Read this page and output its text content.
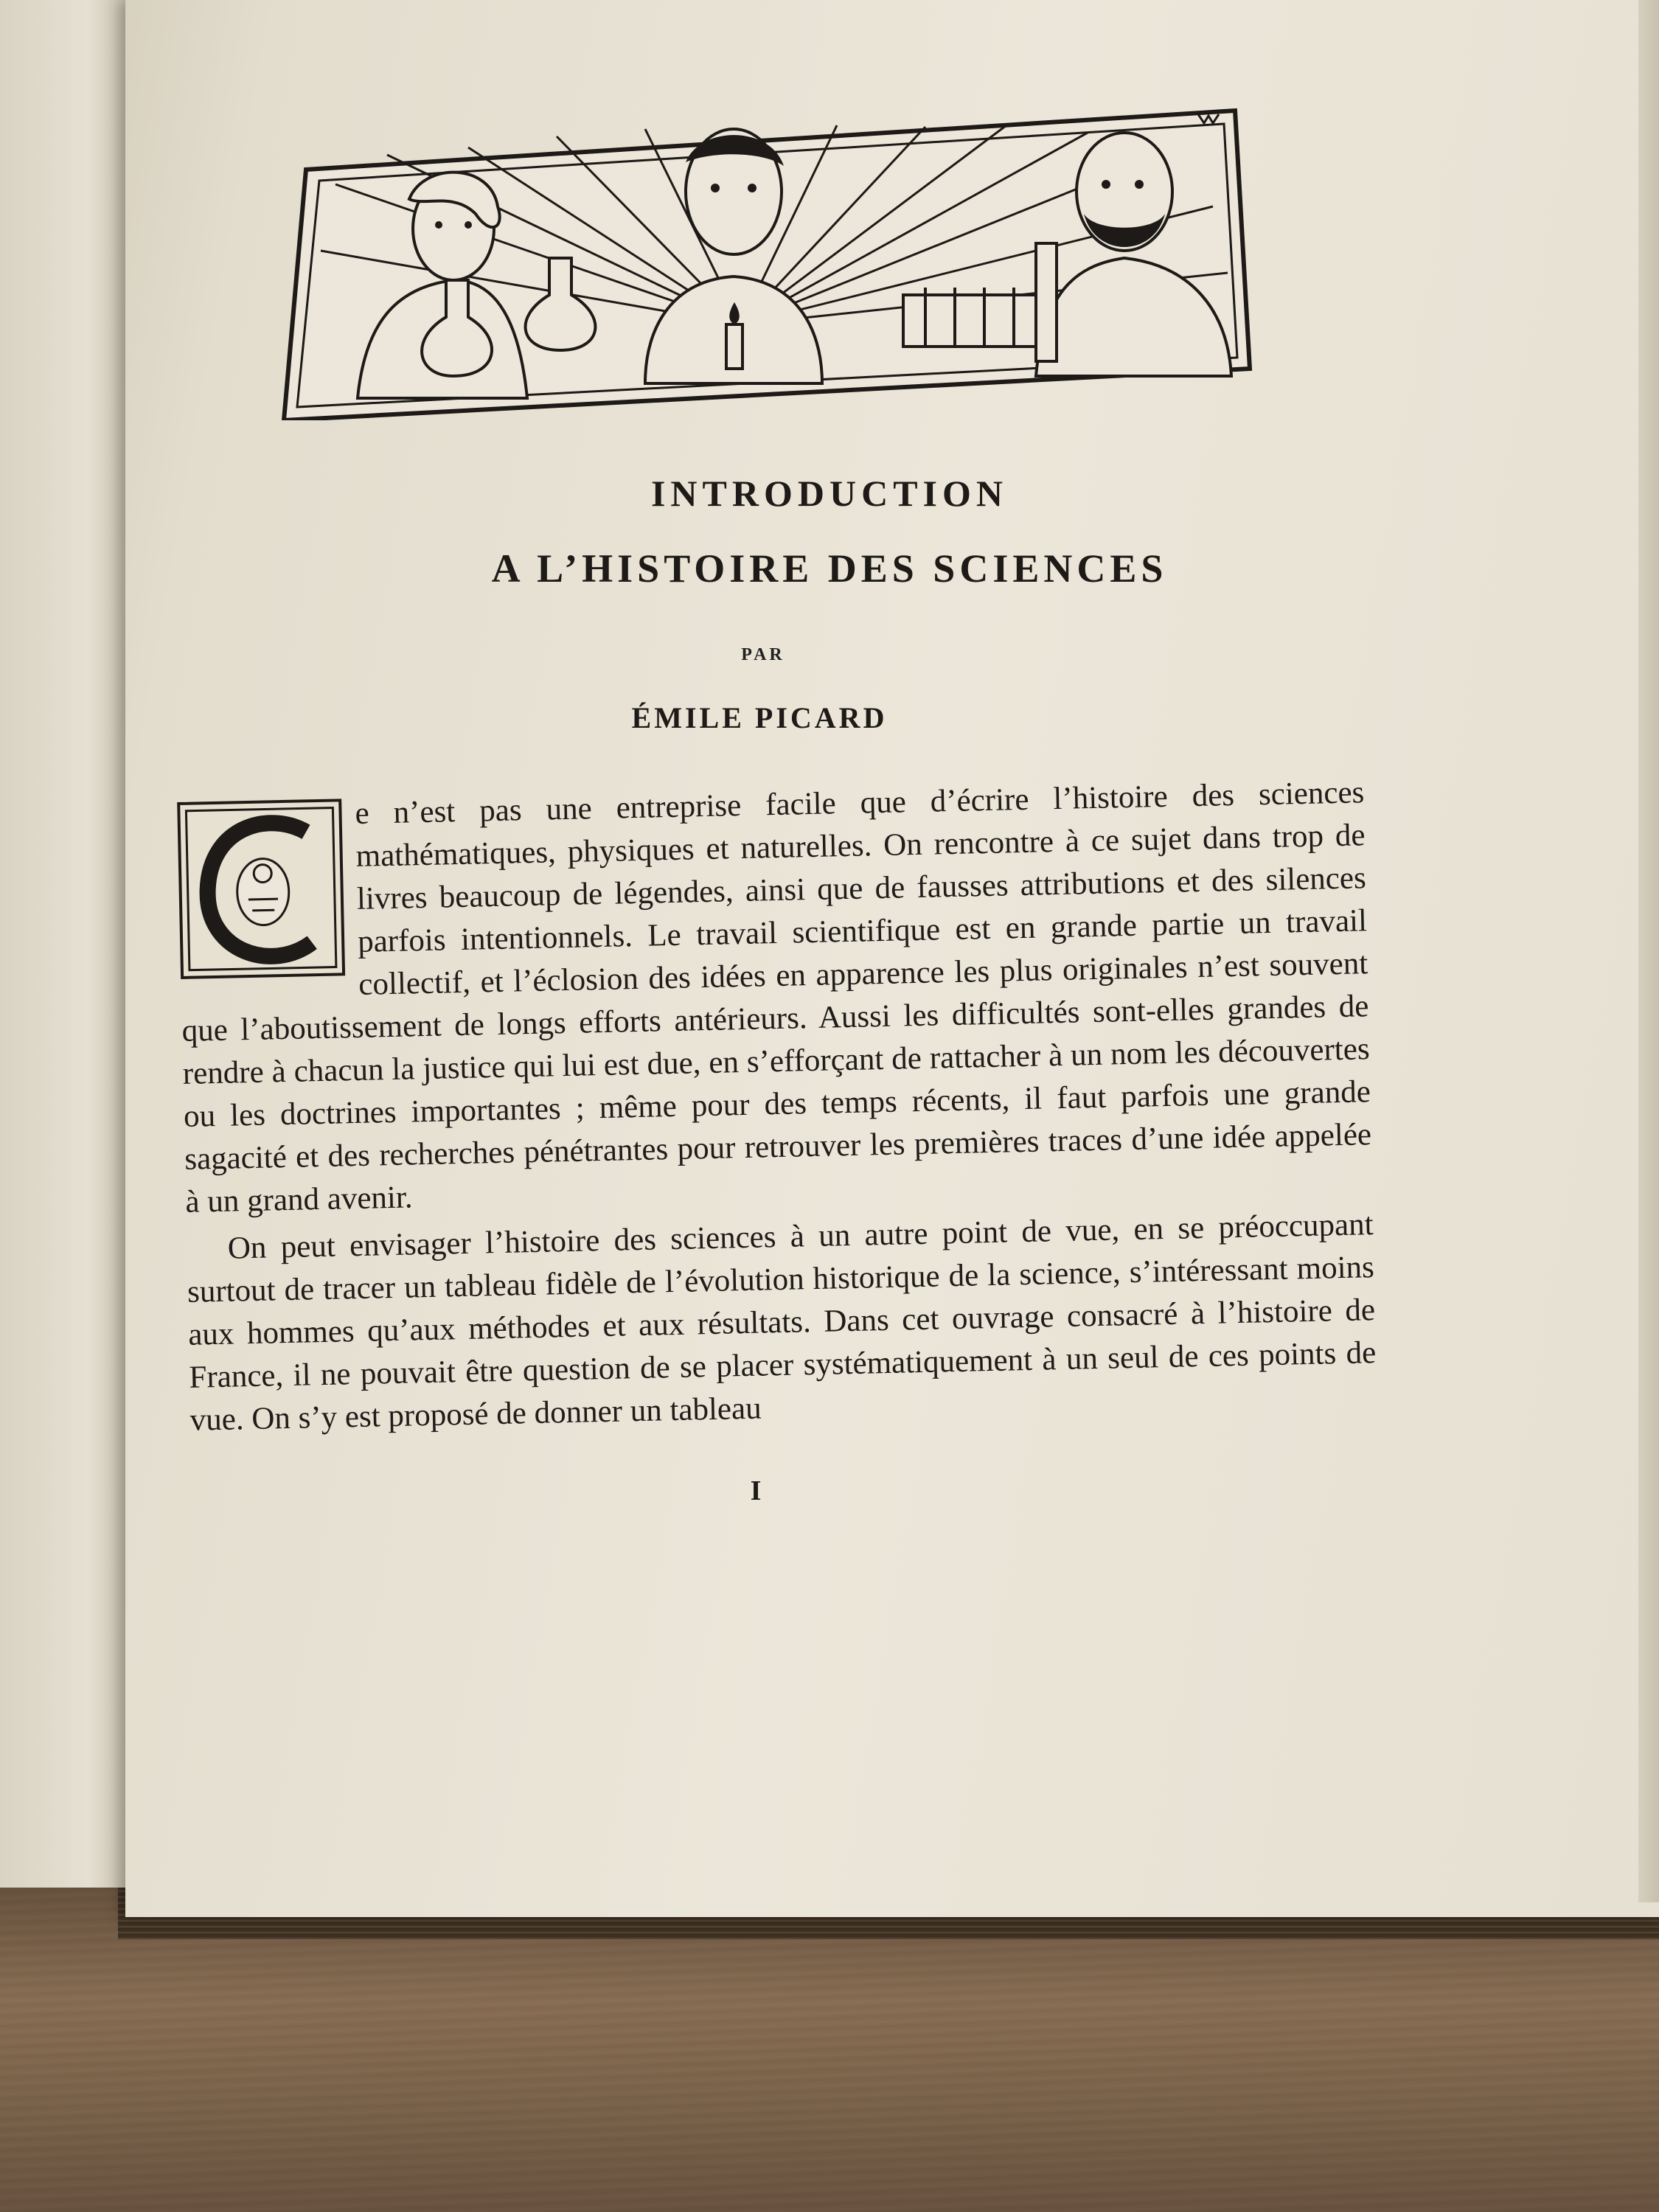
INTRODUCTION
A L’HISTOIRE DES SCIENCES
PAR
ÉMILE PICARD

e n’est pas une entreprise facile que d’écrire l’histoire des sciences mathématiques, physiques et naturelles. On rencontre à ce sujet dans trop de livres beaucoup de légendes, ainsi que de fausses attributions et des silences parfois intentionnels. Le travail scientifique est en grande partie un travail collectif, et l’éclosion des idées en apparence les plus originales n’est souvent que l’aboutissement de longs efforts antérieurs. Aussi les difficultés sont-elles grandes de rendre à chacun la justice qui lui est due, en s’efforçant de rattacher à un nom les découvertes ou les doctrines importantes ; même pour des temps récents, il faut parfois une grande sagacité et des recherches pénétrantes pour retrouver les premières traces d’une idée appelée à un grand avenir.

On peut envisager l’histoire des sciences à un autre point de vue, en se préoccupant surtout de tracer un tableau fidèle de l’évolution historique de la science, s’intéressant moins aux hommes qu’aux méthodes et aux résultats. Dans cet ouvrage consacré à l’histoire de France, il ne pouvait être question de se placer systématiquement à un seul de ces points de vue. On s’y est proposé de donner un tableau

I
